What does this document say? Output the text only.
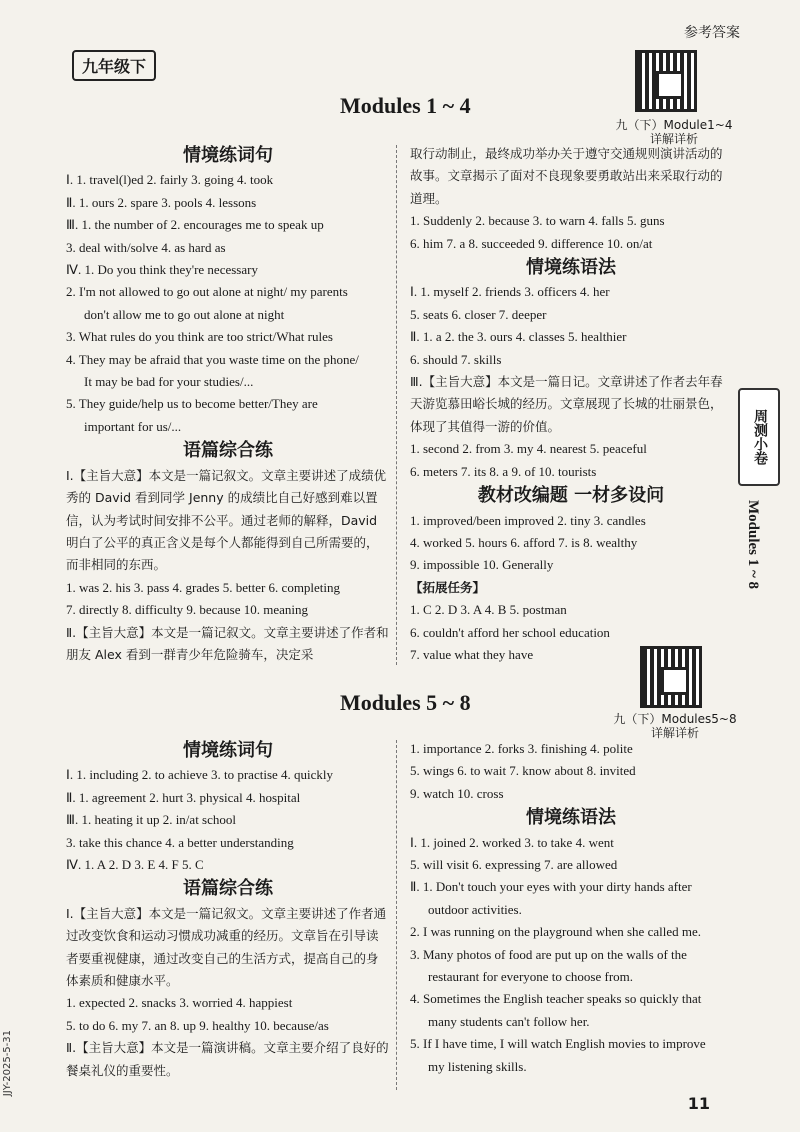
参考答案
九年级下
九（下）Module1~4
详解详析
Modules 1 ~ 4
情境练词句
Ⅰ. 1. travel(l)ed 2. fairly 3. going 4. took
Ⅱ. 1. ours 2. spare 3. pools 4. lessons
Ⅲ. 1. the number of 2. encourages me to speak up
3. deal with/solve 4. as hard as
Ⅳ. 1. Do you think they're necessary
2. I'm not allowed to go out alone at night/ my parents
don't allow me to go out alone at night
3. What rules do you think are too strict/What rules
4. They may be afraid that you waste time on the phone/
It may be bad for your studies/...
5. They guide/help us to become better/They are
important for us/...
语篇综合练
Ⅰ.【主旨大意】本文是一篇记叙文。文章主要讲述了成绩优秀的 David 看到同学 Jenny 的成绩比自己好感到难以置信，认为考试时间安排不公平。通过老师的解释，David 明白了公平的真正含义是每个人都能得到自己所需要的，而非相同的东西。
1. was 2. his 3. pass 4. grades 5. better 6. completing
7. directly 8. difficulty 9. because 10. meaning
Ⅱ.【主旨大意】本文是一篇记叙文。文章主要讲述了作者和朋友 Alex 看到一群青少年危险骑车，决定采
取行动制止，最终成功举办关于遵守交通规则演讲活动的故事。文章揭示了面对不良现象要勇敢站出来采取行动的道理。
1. Suddenly 2. because 3. to warn 4. falls 5. guns
6. him 7. a 8. succeeded 9. difference 10. on/at
情境练语法
Ⅰ. 1. myself 2. friends 3. officers 4. her
5. seats 6. closer 7. deeper
Ⅱ. 1. a 2. the 3. ours 4. classes 5. healthier
6. should 7. skills
Ⅲ.【主旨大意】本文是一篇日记。文章讲述了作者去年春天游览慕田峪长城的经历。文章展现了长城的壮丽景色，体现了其值得一游的价值。
1. second 2. from 3. my 4. nearest 5. peaceful
6. meters 7. its 8. a 9. of 10. tourists
教材改编题 一材多设问
1. improved/been improved 2. tiny 3. candles
4. worked 5. hours 6. afford 7. is 8. wealthy
9. impossible 10. Generally
【拓展任务】
1. C 2. D 3. A 4. B 5. postman
6. couldn't afford her school education
7. value what they have
Modules 5 ~ 8
九（下）Modules5~8
详解详析
情境练词句
Ⅰ. 1. including 2. to achieve 3. to practise 4. quickly
Ⅱ. 1. agreement 2. hurt 3. physical 4. hospital
Ⅲ. 1. heating it up 2. in/at school
3. take this chance 4. a better understanding
Ⅳ. 1. A 2. D 3. E 4. F 5. C
语篇综合练
Ⅰ.【主旨大意】本文是一篇记叙文。文章主要讲述了作者通过改变饮食和运动习惯成功减重的经历。文章旨在引导读者要重视健康，通过改变自己的生活方式，提高自己的身体素质和健康水平。
1. expected 2. snacks 3. worried 4. happiest
5. to do 6. my 7. an 8. up 9. healthy 10. because/as
Ⅱ.【主旨大意】本文是一篇演讲稿。文章主要介绍了良好的餐桌礼仪的重要性。
1. importance 2. forks 3. finishing 4. polite
5. wings 6. to wait 7. know about 8. invited
9. watch 10. cross
情境练语法
Ⅰ. 1. joined 2. worked 3. to take 4. went
5. will visit 6. expressing 7. are allowed
Ⅱ. 1. Don't touch your eyes with your dirty hands after
outdoor activities.
2. I was running on the playground when she called me.
3. Many photos of food are put up on the walls of the
restaurant for everyone to choose from.
4. Sometimes the English teacher speaks so quickly that
many students can't follow her.
5. If I have time, I will watch English movies to improve
my listening skills.
周测小卷
Modules 1 ~ 8
JJY-2025-5-31
11
